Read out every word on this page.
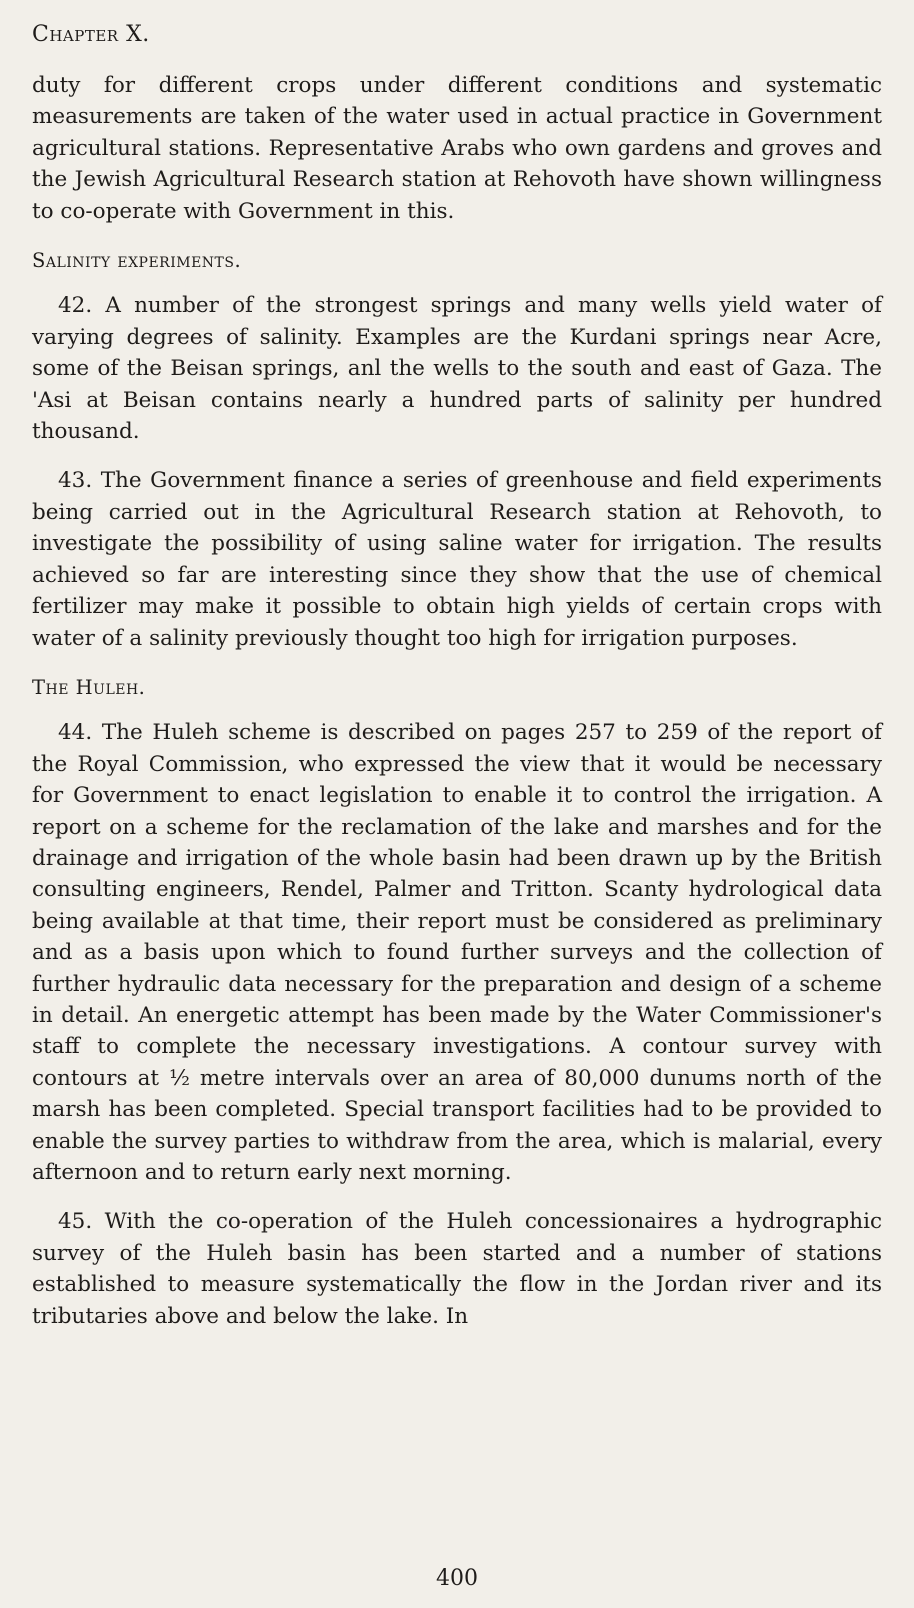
Chapter X.

duty for different crops under different conditions and systematic measurements are taken of the water used in actual practice in Government agricultural stations. Representative Arabs who own gardens and groves and the Jewish Agricultural Research station at Rehovoth have shown willingness to co-operate with Government in this.

Salinity experiments.

42. A number of the strongest springs and many wells yield water of varying degrees of salinity. Examples are the Kurdani springs near Acre, some of the Beisan springs, anl the wells to the south and east of Gaza. The 'Asi at Beisan contains nearly a hundred parts of salinity per hundred thousand.

43. The Government finance a series of greenhouse and field experiments being carried out in the Agricultural Research station at Rehovoth, to investigate the possibility of using saline water for irrigation. The results achieved so far are interesting since they show that the use of chemical fertilizer may make it possible to obtain high yields of certain crops with water of a salinity previously thought too high for irrigation purposes.

The Huleh.

44. The Huleh scheme is described on pages 257 to 259 of the report of the Royal Commission, who expressed the view that it would be necessary for Government to enact legislation to enable it to control the irrigation. A report on a scheme for the reclamation of the lake and marshes and for the drainage and irrigation of the whole basin had been drawn up by the British consulting engineers, Rendel, Palmer and Tritton. Scanty hydrological data being available at that time, their report must be considered as preliminary and as a basis upon which to found further surveys and the collection of further hydraulic data necessary for the preparation and design of a scheme in detail. An energetic attempt has been made by the Water Commissioner's staff to complete the necessary investigations. A contour survey with contours at ½ metre intervals over an area of 80,000 dunums north of the marsh has been completed. Special transport facilities had to be provided to enable the survey parties to withdraw from the area, which is malarial, every afternoon and to return early next morning.

45. With the co-operation of the Huleh concessionaires a hydrographic survey of the Huleh basin has been started and a number of stations established to measure systematically the flow in the Jordan river and its tributaries above and below the lake. In

400
